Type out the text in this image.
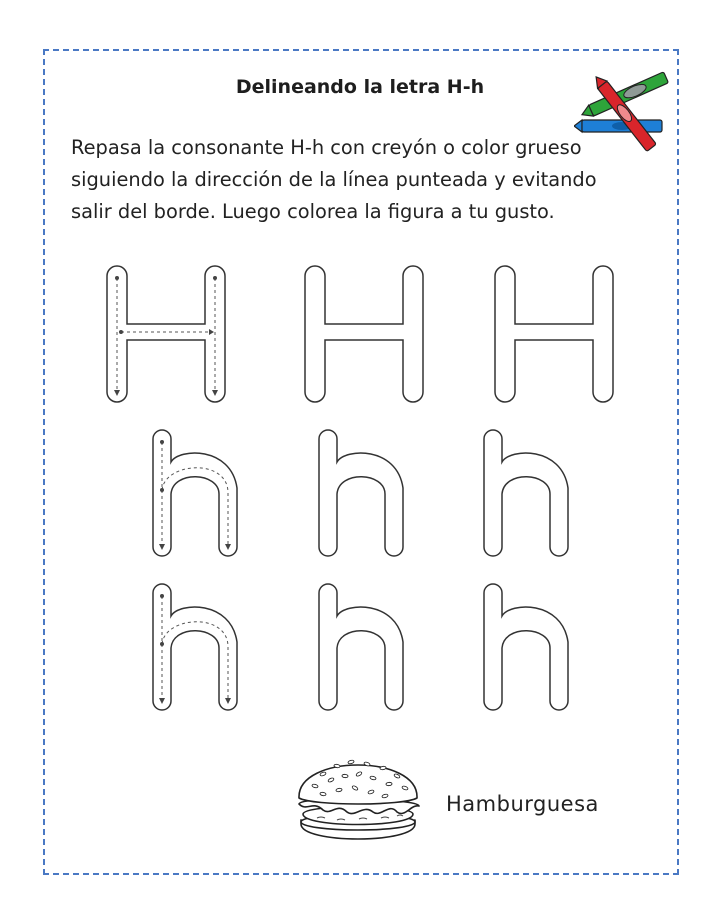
Delineando la letra H-h
Repasa la consonante H-h con creyón o color grueso siguiendo la dirección de la línea punteada y evitando salir del borde. Luego colorea la figura a tu gusto.
Hamburguesa
